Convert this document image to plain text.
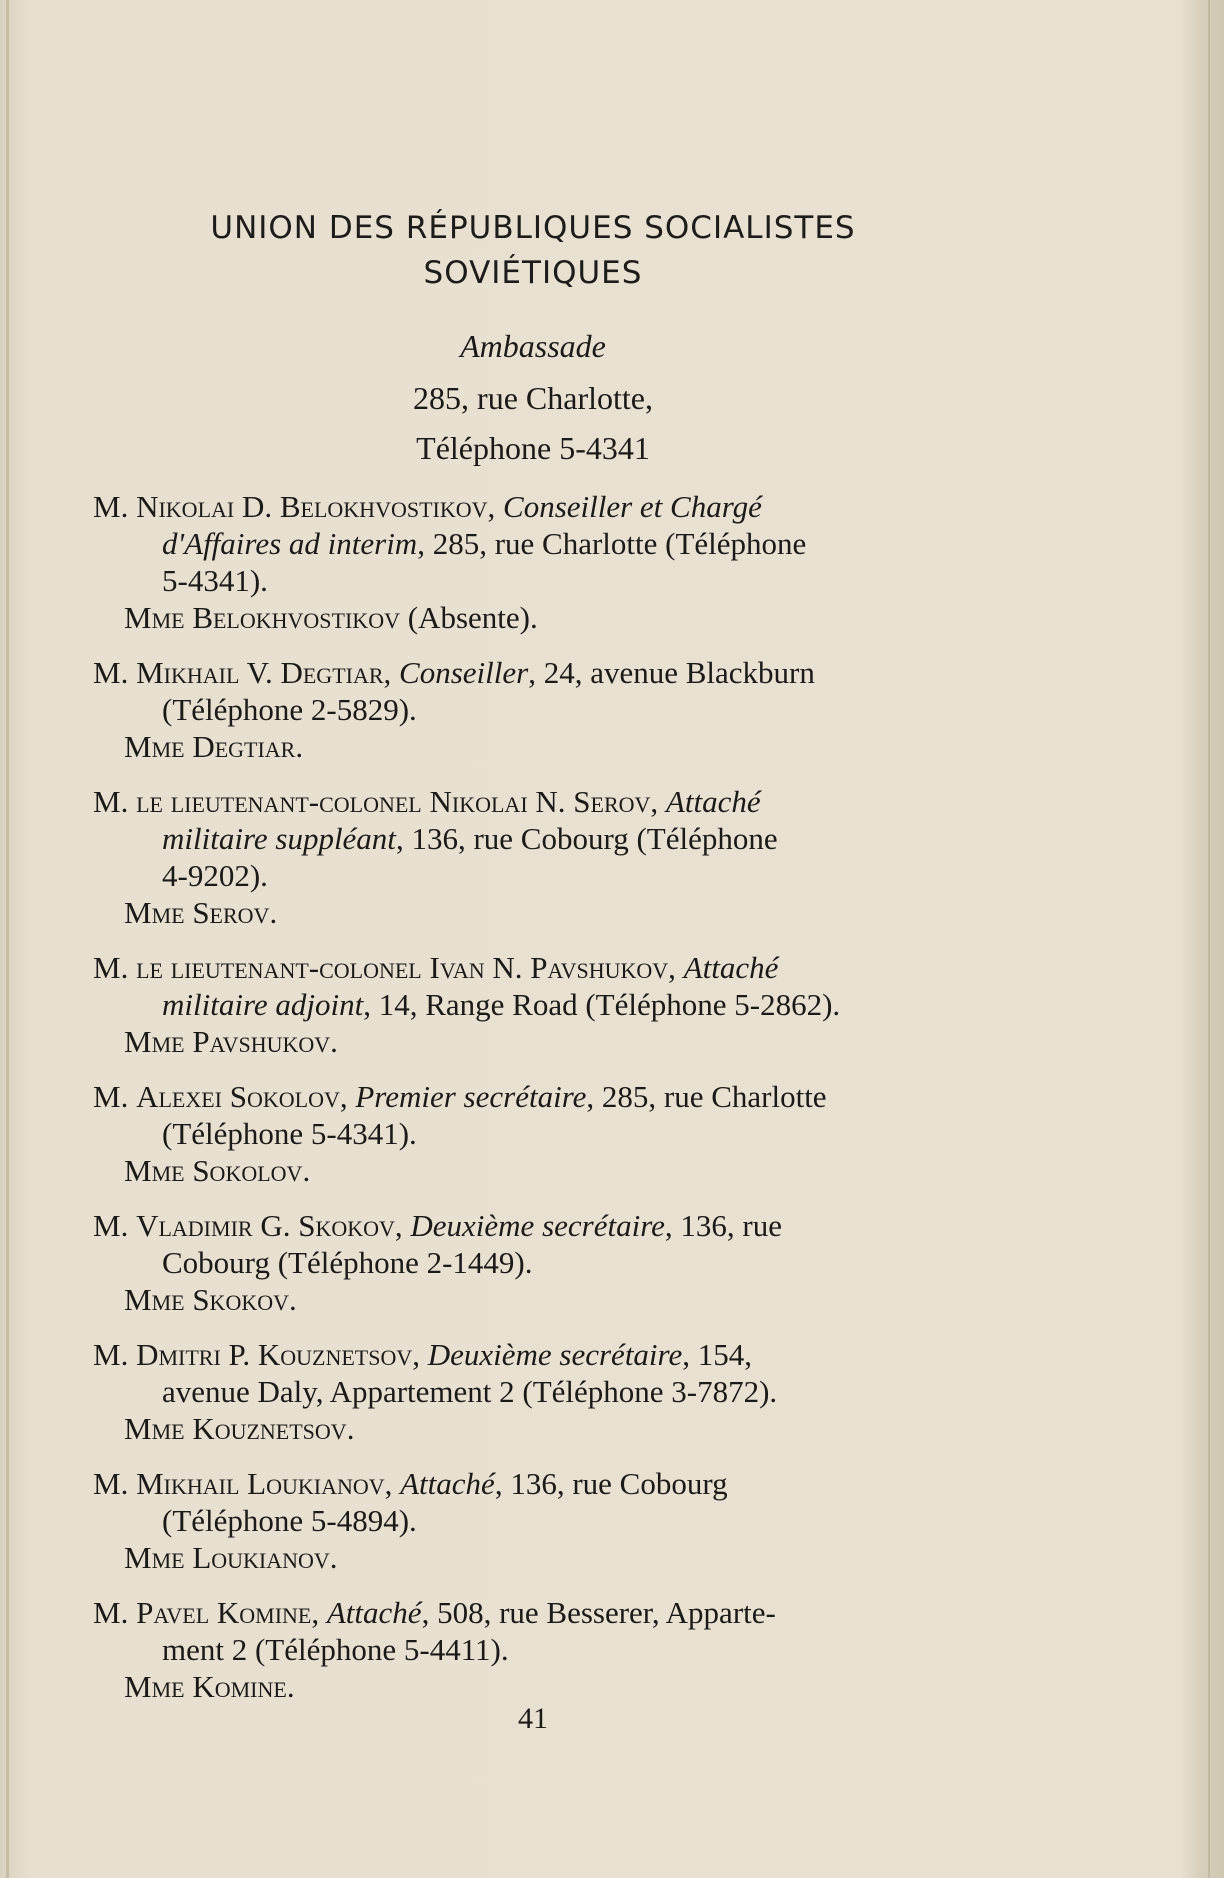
UNION DES RÉPUBLIQUES SOCIALISTES
SOVIÉTIQUES
Ambassade
285, rue Charlotte,
Téléphone 5-4341
M. Nikolai D. Belokhvostikov, Conseiller et Chargé
d'Affaires ad interim, 285, rue Charlotte (Téléphone
5-4341).
Mme Belokhvostikov (Absente).
M. Mikhail V. Degtiar, Conseiller, 24, avenue Blackburn
(Téléphone 2-5829).
Mme Degtiar.
M. le lieutenant-colonel Nikolai N. Serov, Attaché
militaire suppléant, 136, rue Cobourg (Téléphone
4-9202).
Mme Serov.
M. le lieutenant-colonel Ivan N. Pavshukov, Attaché
militaire adjoint, 14, Range Road (Téléphone 5-2862).
Mme Pavshukov.
M. Alexei Sokolov, Premier secrétaire, 285, rue Charlotte
(Téléphone 5-4341).
Mme Sokolov.
M. Vladimir G. Skokov, Deuxième secrétaire, 136, rue
Cobourg (Téléphone 2-1449).
Mme Skokov.
M. Dmitri P. Kouznetsov, Deuxième secrétaire, 154,
avenue Daly, Appartement 2 (Téléphone 3-7872).
Mme Kouznetsov.
M. Mikhail Loukianov, Attaché, 136, rue Cobourg
(Téléphone 5-4894).
Mme Loukianov.
M. Pavel Komine, Attaché, 508, rue Besserer, Apparte-
ment 2 (Téléphone 5-4411).
Mme Komine.
41
